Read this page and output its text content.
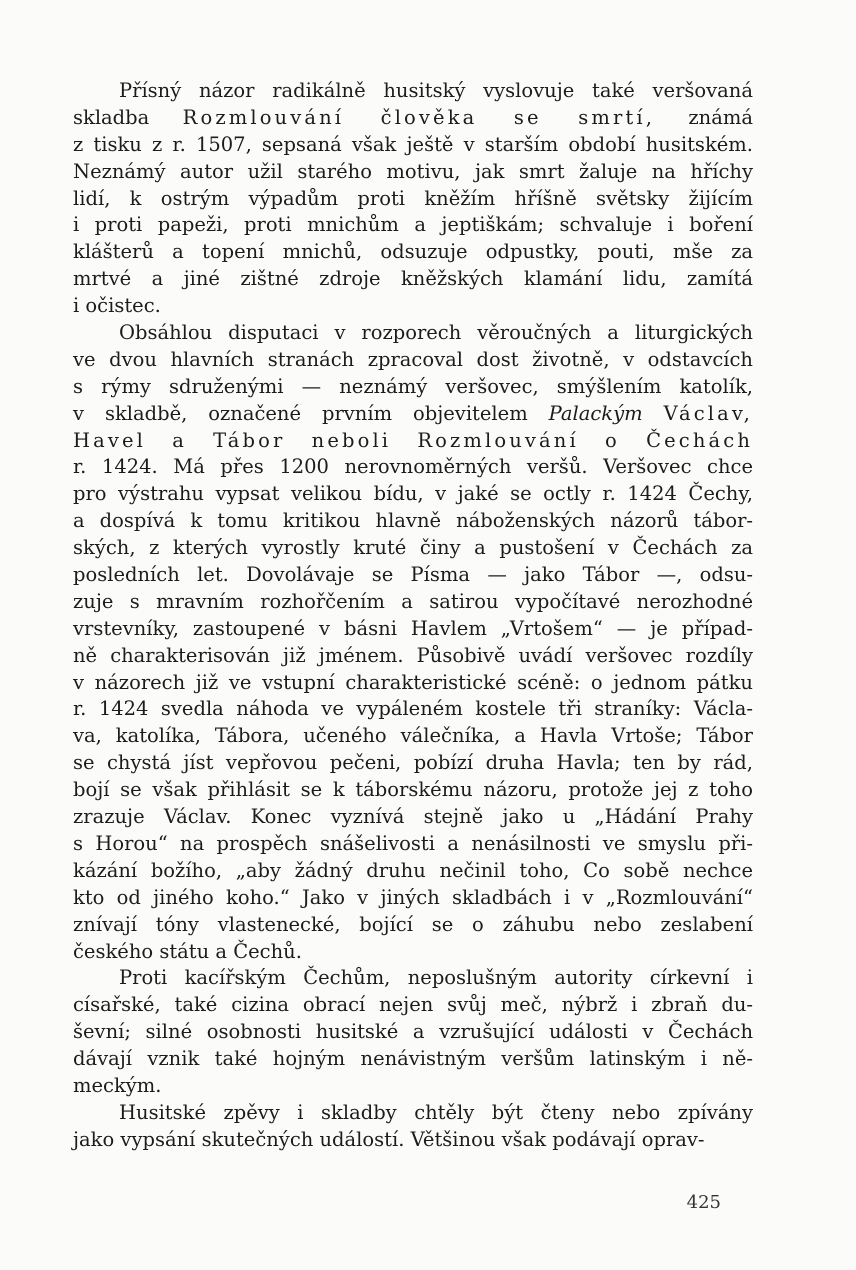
Přísný názor radikálně husitský vyslovuje také veršovaná
skladba Rozmlouvání člověka se smrtí, známá
z tisku z r. 1507, sepsaná však ještě v starším období husitském.
Neznámý autor užil starého motivu, jak smrt žaluje na hříchy
lidí, k ostrým výpadům proti kněžím hříšně světsky žijícím
i proti papeži, proti mnichům a jeptiškám; schvaluje i boření
klášterů a topení mnichů, odsuzuje odpustky, pouti, mše za
mrtvé a jiné zištné zdroje kněžských klamání lidu, zamítá
i očistec.
Obsáhlou disputaci v rozporech věroučných a liturgických
ve dvou hlavních stranách zpracoval dost životně, v odstavcích
s rýmy sdruženými — neznámý veršovec, smýšlením katolík,
v skladbě, označené prvním objevitelem Palackým Václav,
Havel a Tábor neboli Rozmlouvání o Čechách
r. 1424. Má přes 1200 nerovnoměrných veršů. Veršovec chce
pro výstrahu vypsat velikou bídu, v jaké se octly r. 1424 Čechy,
a dospívá k tomu kritikou hlavně náboženských názorů tábor-
ských, z kterých vyrostly kruté činy a pustošení v Čechách za
posledních let. Dovolávaje se Písma — jako Tábor —, odsu-
zuje s mravním rozhořčením a satirou vypočítavé nerozhodné
vrstevníky, zastoupené v básni Havlem „Vrtošem“ — je případ-
ně charakterisován již jménem. Působivě uvádí veršovec rozdíly
v názorech již ve vstupní charakteristické scéně: o jednom pátku
r. 1424 svedla náhoda ve vypáleném kostele tři straníky: Václa-
va, katolíka, Tábora, učeného válečníka, a Havla Vrtoše; Tábor
se chystá jíst vepřovou pečeni, pobízí druha Havla; ten by rád,
bojí se však přihlásit se k táborskému názoru, protože jej z toho
zrazuje Václav. Konec vyznívá stejně jako u „Hádání Prahy
s Horou“ na prospěch snášelivosti a nenásilnosti ve smyslu při-
kázání božího, „aby žádný druhu nečinil toho, Co sobě nechce
kto od jiného koho.“ Jako v jiných skladbách i v „Rozmlouvání“
znívají tóny vlastenecké, bojící se o záhubu nebo zeslabení
českého státu a Čechů.
Proti kacířským Čechům, neposlušným autority církevní i
císařské, také cizina obrací nejen svůj meč, nýbrž i zbraň du-
ševní; silné osobnosti husitské a vzrušující události v Čechách
dávají vznik také hojným nenávistným veršům latinským i ně-
meckým.
Husitské zpěvy i skladby chtěly být čteny nebo zpívány
jako vypsání skutečných událostí. Většinou však podávají oprav-
425
